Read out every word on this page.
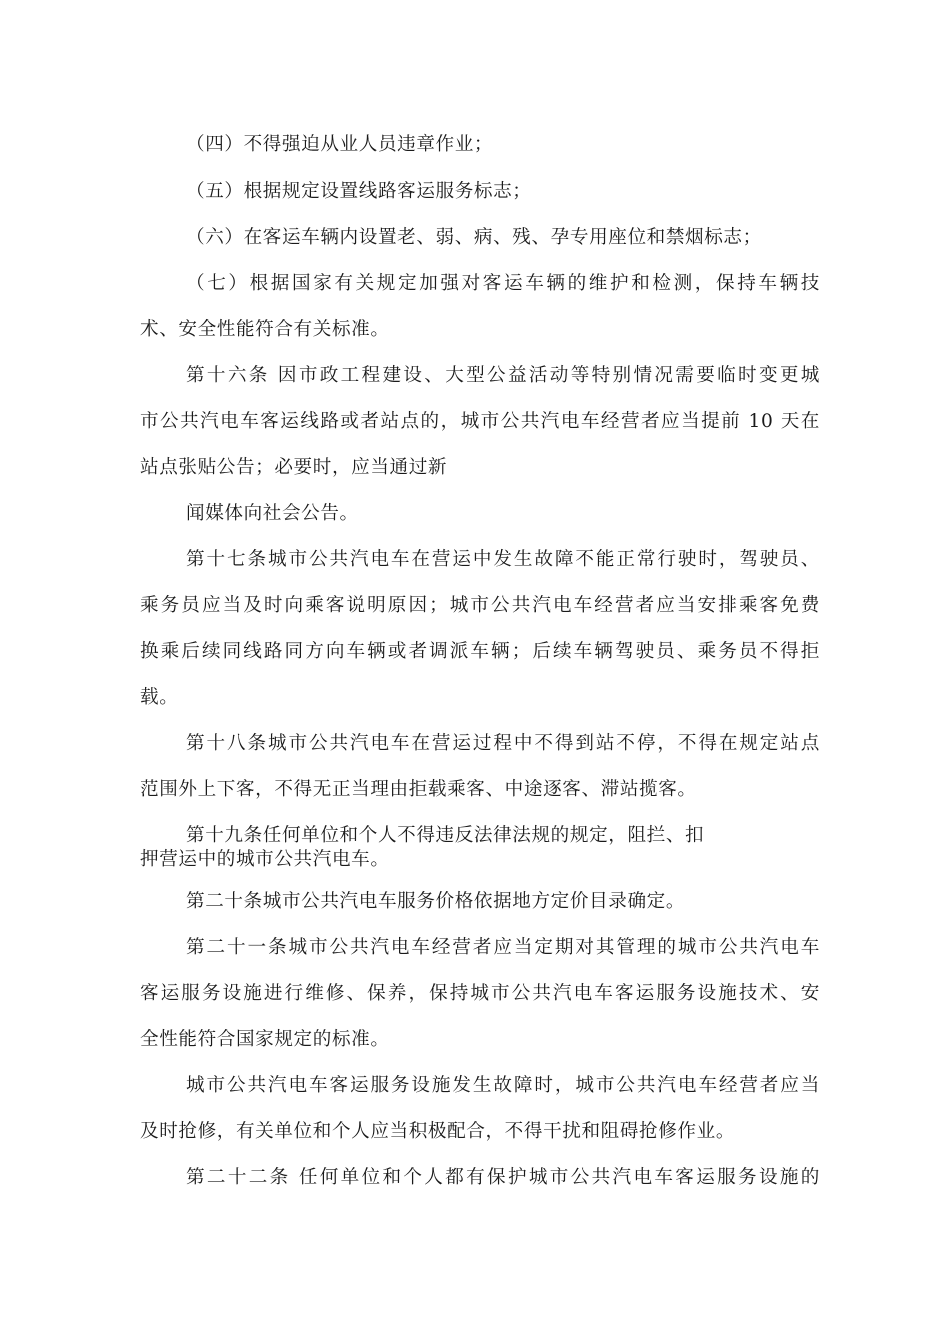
（四）不得强迫从业人员违章作业；
（五）根据规定设置线路客运服务标志；
（六）在客运车辆内设置老、弱、病、残、孕专用座位和禁烟标志；
（七）根据国家有关规定加强对客运车辆的维护和检测，保持车辆技
术、安全性能符合有关标准。
第十六条 因市政工程建设、大型公益活动等特别情况需要临时变更城
市公共汽电车客运线路或者站点的，城市公共汽电车经营者应当提前 10 天在
站点张贴公告；必要时，应当通过新
闻媒体向社会公告。
第十七条城市公共汽电车在营运中发生故障不能正常行驶时，驾驶员、
乘务员应当及时向乘客说明原因；城市公共汽电车经营者应当安排乘客免费
换乘后续同线路同方向车辆或者调派车辆；后续车辆驾驶员、乘务员不得拒
载。
第十八条城市公共汽电车在营运过程中不得到站不停，不得在规定站点
范围外上下客，不得无正当理由拒载乘客、中途逐客、滞站揽客。
第十九条任何单位和个人不得违反法律法规的规定，阻拦、扣
押营运中的城市公共汽电车。
第二十条城市公共汽电车服务价格依据地方定价目录确定。
第二十一条城市公共汽电车经营者应当定期对其管理的城市公共汽电车
客运服务设施进行维修、保养，保持城市公共汽电车客运服务设施技术、安
全性能符合国家规定的标准。
城市公共汽电车客运服务设施发生故障时，城市公共汽电车经营者应当
及时抢修，有关单位和个人应当积极配合，不得干扰和阻碍抢修作业。
第二十二条 任何单位和个人都有保护城市公共汽电车客运服务设施的
